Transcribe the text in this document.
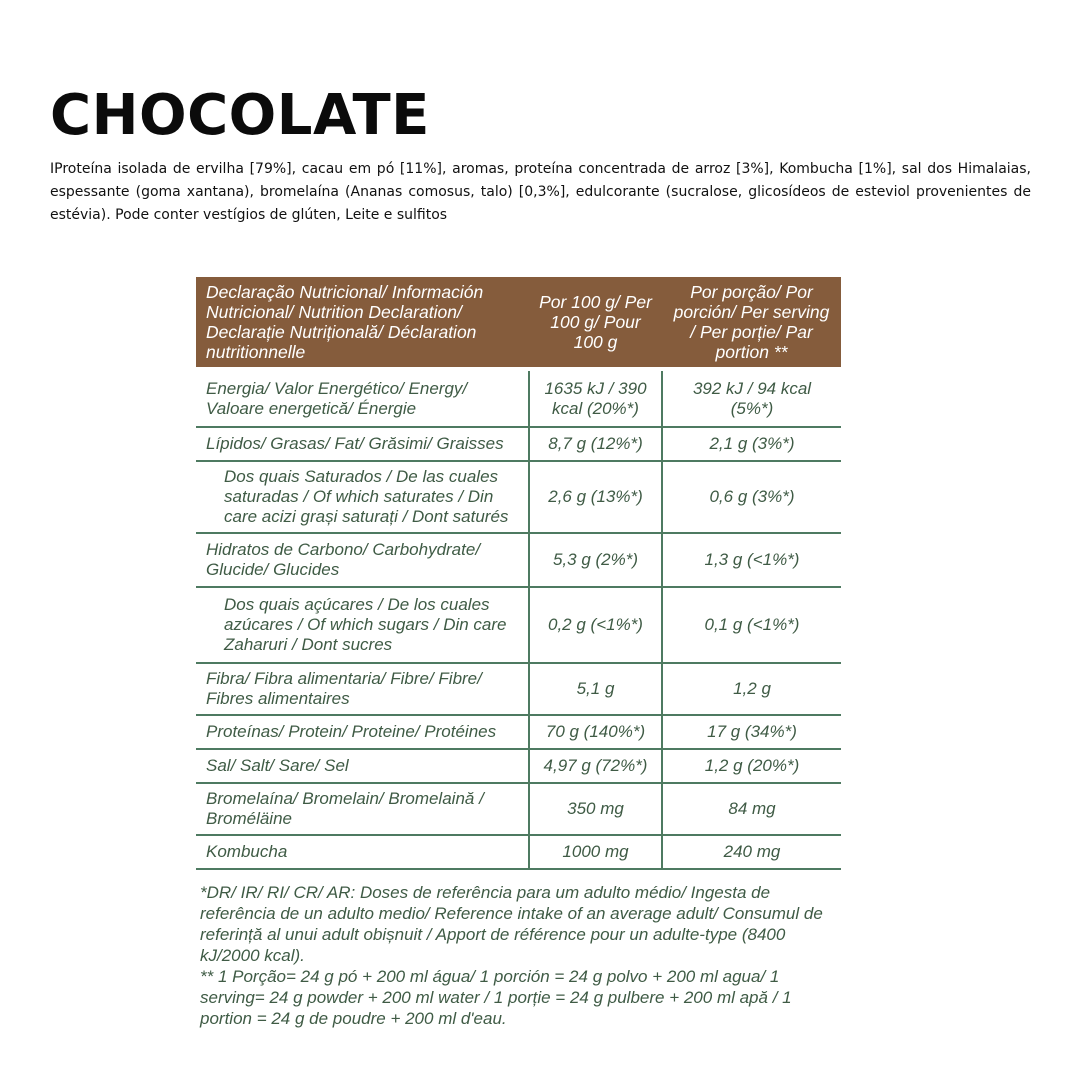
CHOCOLATE

IProteína isolada de ervilha [79%], cacau em pó [11%], aromas, proteína concentrada de arroz [3%], Kombucha [1%], sal dos Himalaias, espessante (goma xantana), bromelaína (Ananas comosus, talo) [0,3%], edulcorante (sucralose, glicosídeos de esteviol provenientes de estévia). Pode conter vestígios de glúten, Leite e sulfitos

Declaração Nutricional/ Información Nutricional/ Nutrition Declaration/ Declarație Nutrițională/ Déclaration nutritionnelle	Por 100 g/ Per 100 g/ Pour 100 g	Por porção/ Por porción/ Per serving / Per porție/ Par portion **

Energia/ Valor Energético/ Energy/ Valoare energetică/ Énergie	1635 kJ / 390 kcal (20%*)	392 kJ / 94 kcal (5%*)
Lípidos/ Grasas/ Fat/ Grăsimi/ Graisses	8,7 g (12%*)	2,1 g (3%*)
Dos quais Saturados / De las cuales saturadas / Of which saturates / Din care acizi grași saturați / Dont saturés	2,6 g (13%*)	0,6 g (3%*)
Hidratos de Carbono/ Carbohydrate/ Glucide/ Glucides	5,3 g (2%*)	1,3 g (<1%*)
Dos quais açúcares / De los cuales azúcares / Of which sugars / Din care Zaharuri / Dont sucres	0,2 g (<1%*)	0,1 g (<1%*)
Fibra/ Fibra alimentaria/ Fibre/ Fibre/ Fibres alimentaires	5,1 g	1,2 g
Proteínas/ Protein/ Proteine/ Protéines	70 g (140%*)	17 g (34%*)
Sal/ Salt/ Sare/ Sel	4,97 g (72%*)	1,2 g (20%*)
Bromelaína/ Bromelain/ Bromelaină / Broméläine	350 mg	84 mg
Kombucha	1000 mg	240 mg

*DR/ IR/ RI/ CR/ AR: Doses de referência para um adulto médio/ Ingesta de referência de un adulto medio/ Reference intake of an average adult/ Consumul de referință al unui adult obișnuit / Apport de référence pour un adulte-type (8400 kJ/2000 kcal).

** 1 Porção= 24 g pó + 200 ml água/ 1 porción = 24 g polvo + 200 ml agua/ 1 serving= 24 g powder + 200 ml water / 1 porție = 24 g pulbere + 200 ml apă / 1 portion = 24 g de poudre + 200 ml d'eau.
